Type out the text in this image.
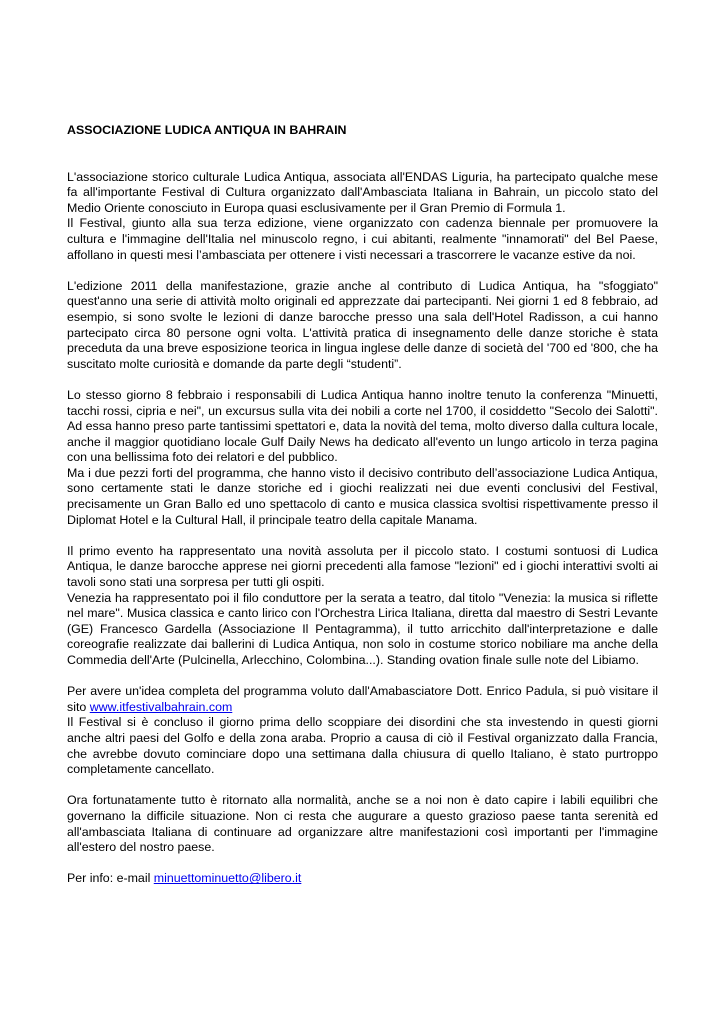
ASSOCIAZIONE LUDICA ANTIQUA IN BAHRAIN

L'associazione storico culturale Ludica Antiqua, associata all'ENDAS Liguria, ha partecipato qualche mese fa all'importante Festival di Cultura organizzato dall'Ambasciata Italiana in Bahrain, un piccolo stato del Medio Oriente conosciuto in Europa quasi esclusivamente per il Gran Premio di Formula 1.

Il Festival, giunto alla sua terza edizione, viene organizzato con cadenza biennale per promuovere la cultura e l'immagine dell'Italia nel minuscolo regno, i cui abitanti, realmente "innamorati" del Bel Paese, affollano in questi mesi l’ambasciata per ottenere i visti necessari a trascorrere le vacanze estive da noi.

L'edizione 2011 della manifestazione, grazie anche al contributo di Ludica Antiqua, ha "sfoggiato" quest'anno una serie di attività molto originali ed apprezzate dai partecipanti. Nei giorni 1 ed 8 febbraio, ad esempio, si sono svolte le lezioni di danze barocche presso una sala dell'Hotel Radisson, a cui hanno partecipato circa 80 persone ogni volta. L'attività pratica di insegnamento delle danze storiche è stata preceduta da una breve esposizione teorica in lingua inglese delle danze di società del '700 ed '800, che ha suscitato molte curiosità e domande da parte degli “studenti”.

Lo stesso giorno 8 febbraio i responsabili di Ludica Antiqua hanno inoltre tenuto la conferenza "Minuetti, tacchi rossi, cipria e nei", un excursus sulla vita dei nobili a corte nel 1700, il cosiddetto "Secolo dei Salotti". Ad essa hanno preso parte tantissimi spettatori e, data la novità del tema, molto diverso dalla cultura locale, anche il maggior quotidiano locale Gulf Daily News ha dedicato all'evento un lungo articolo in terza pagina con una bellissima foto dei relatori e del pubblico.

Ma i due pezzi forti del programma, che hanno visto il decisivo contributo dell’associazione Ludica Antiqua, sono certamente stati le danze storiche ed i giochi realizzati nei due eventi conclusivi del Festival, precisamente un Gran Ballo ed uno spettacolo di canto e musica classica svoltisi rispettivamente presso il Diplomat Hotel e la Cultural Hall, il principale teatro della capitale Manama.

Il primo evento ha rappresentato una novità assoluta per il piccolo stato. I costumi sontuosi di Ludica Antiqua, le danze barocche apprese nei giorni precedenti alla famose "lezioni" ed i giochi interattivi svolti ai tavoli sono stati una sorpresa per tutti gli ospiti.

Venezia ha rappresentato poi il filo conduttore per la serata a teatro, dal titolo "Venezia: la musica si riflette nel mare". Musica classica e canto lirico con l'Orchestra Lirica Italiana, diretta dal maestro di Sestri Levante (GE) Francesco Gardella (Associazione Il Pentagramma), il tutto arricchito dall'interpretazione e dalle coreografie realizzate dai ballerini di Ludica Antiqua, non solo in costume storico nobiliare ma anche della Commedia dell'Arte (Pulcinella, Arlecchino, Colombina...). Standing ovation finale sulle note del Libiamo.

Per avere un'idea completa del programma voluto dall'Amabasciatore Dott. Enrico Padula, si può visitare il sito www.itfestivalbahrain.com

Il Festival si è concluso il giorno prima dello scoppiare dei disordini che sta investendo in questi giorni anche altri paesi del Golfo e della zona araba. Proprio a causa di ciò il Festival organizzato dalla Francia, che avrebbe dovuto cominciare dopo una settimana dalla chiusura di quello Italiano, è stato purtroppo completamente cancellato.

Ora fortunatamente tutto è ritornato alla normalità, anche se a noi non è dato capire i labili equilibri che governano la difficile situazione. Non ci resta che augurare a questo grazioso paese tanta serenità ed all'ambasciata Italiana di continuare ad organizzare altre manifestazioni così importanti per l'immagine all'estero del nostro paese.

Per info: e-mail minuettominuetto@libero.it
